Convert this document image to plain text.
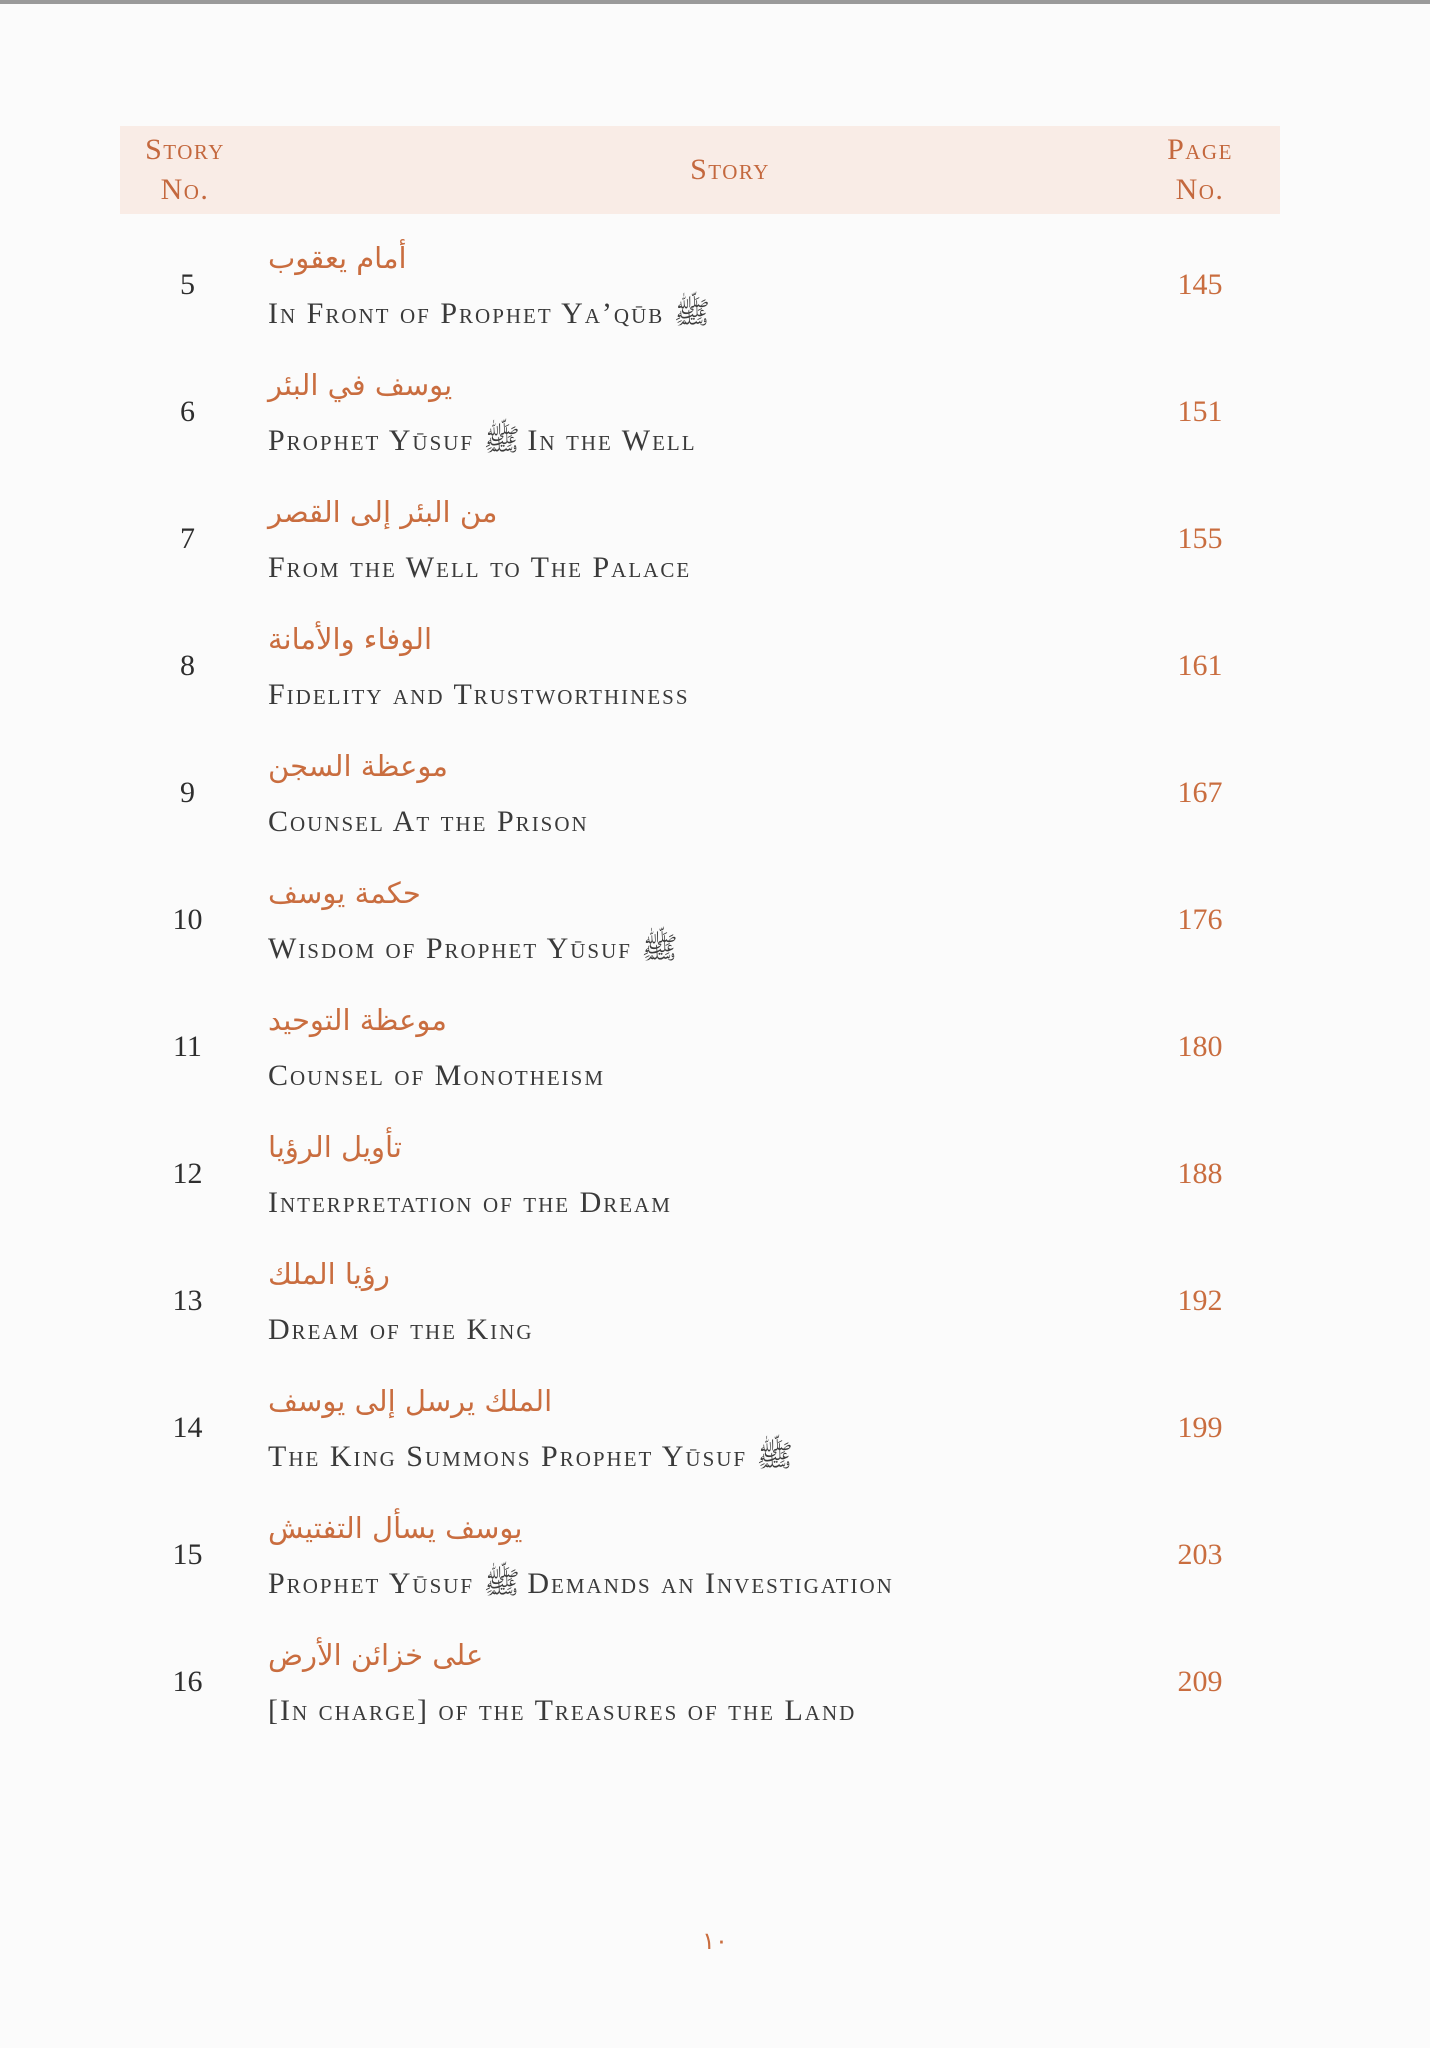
Story
No.
Story
Page
No.
5
أمام يعقوب
In Front of Prophet Ya’qūb ﷺ
145
6
يوسف في البئر
Prophet Yūsuf ﷺ In the Well
151
7
من البئر إلى القصر
From the Well to The Palace
155
8
الوفاء والأمانة
Fidelity and Trustworthiness
161
9
موعظة السجن
Counsel At the Prison
167
10
حكمة يوسف
Wisdom of Prophet Yūsuf ﷺ
176
11
موعظة التوحيد
Counsel of Monotheism
180
12
تأويل الرؤيا
Interpretation of the Dream
188
13
رؤيا الملك
Dream of the King
192
14
الملك يرسل إلى يوسف
The King Summons Prophet Yūsuf ﷺ
199
15
يوسف يسأل التفتيش
Prophet Yūsuf ﷺ Demands an Investigation
203
16
على خزائن الأرض
[In charge] of the Treasures of the Land
209
١٠
